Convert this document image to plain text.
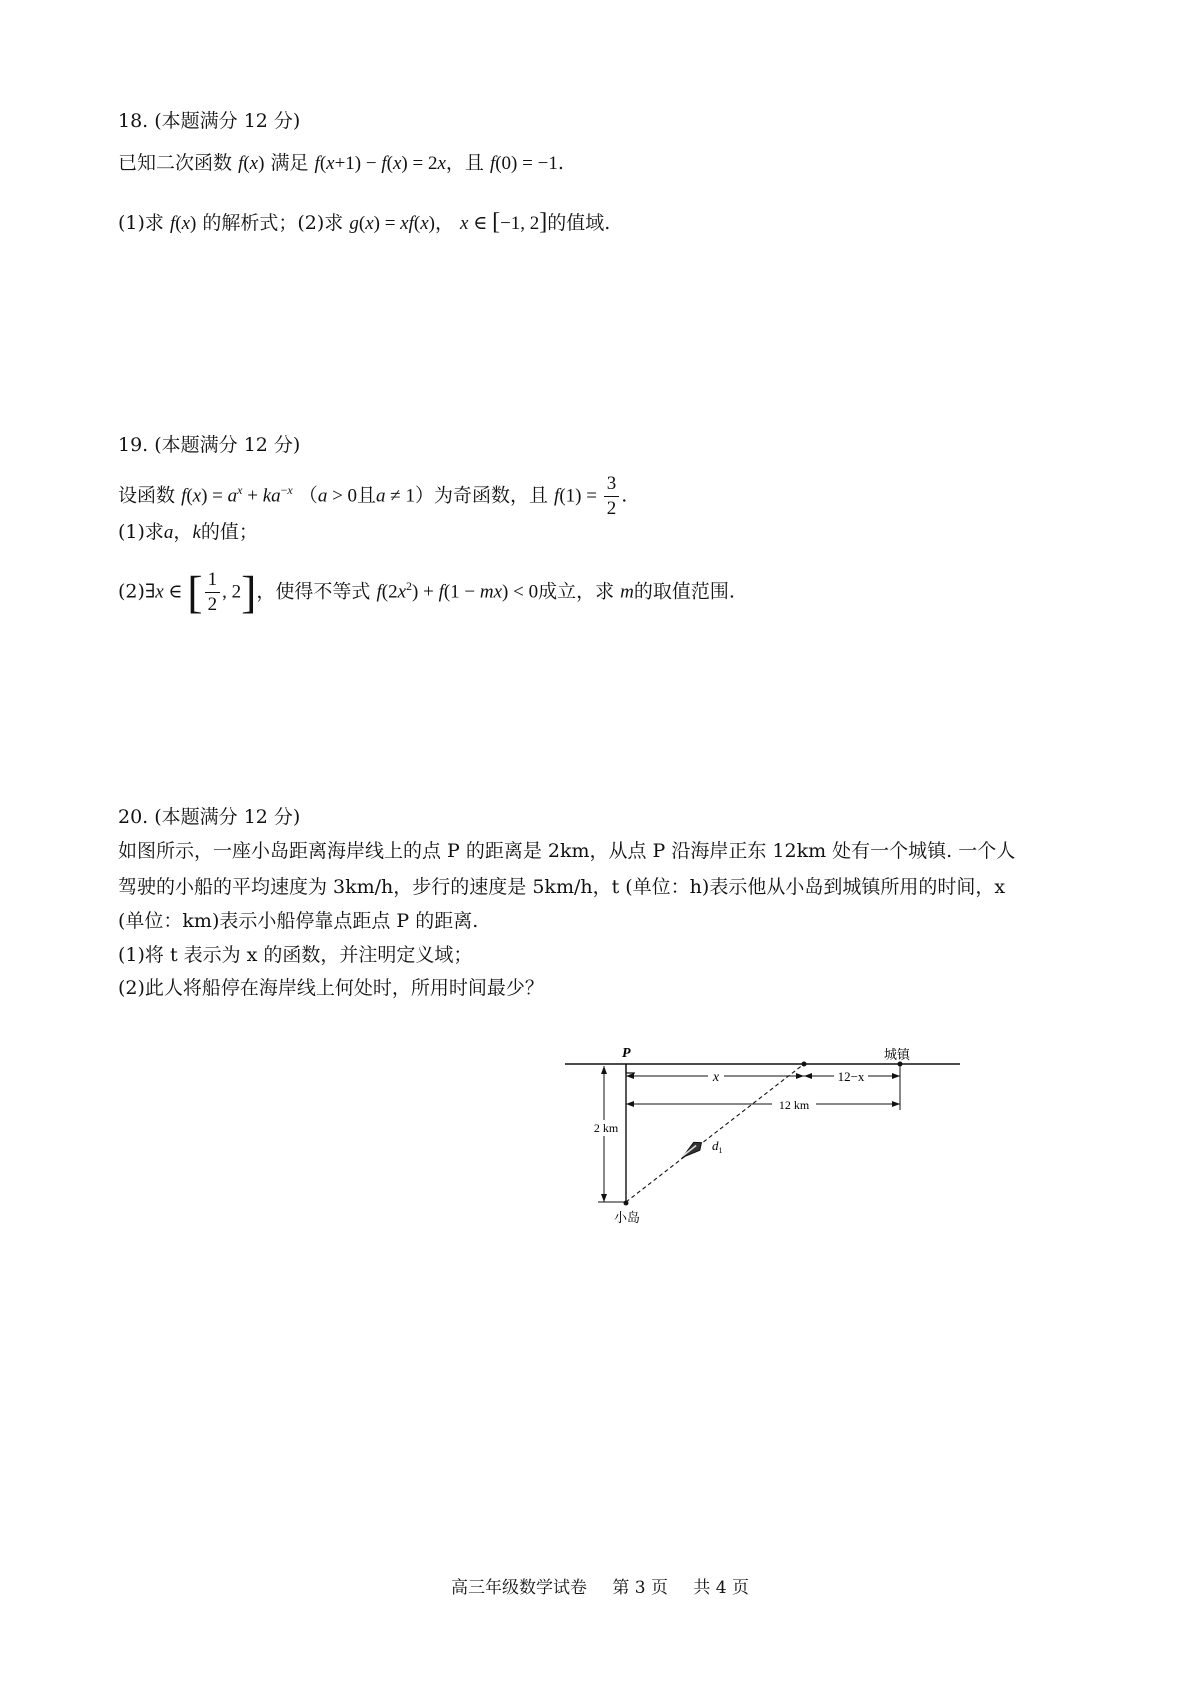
18. (本题满分 12 分)
已知二次函数 f(x) 满足 f(x+1) − f(x) = 2x，且 f(0) = −1.
(1)求 f(x) 的解析式；(2)求 g(x) = xf(x)， x ∈ [−1, 2]的值域.
19. (本题满分 12 分)
设函数 $f(x) = a^x + ka^{-x}$ （a > 0且a ≠ 1）为奇函数，且 $f(1) = \frac{3}{2}$ .
(1)求a，k的值；
(2)∃x ∈ [ $\frac{1}{2}$ , 2]，使得不等式 $f(2x^2) + f(1 - mx) < 0$成立，求 m的取值范围.
20. (本题满分 12 分)
如图所示，一座小岛距离海岸线上的点 P 的距离是 2km，从点 P 沿海岸正东 12km 处有一个城镇. 一个人
驾驶的小船的平均速度为 3km/h，步行的速度是 5km/h，t (单位：h)表示他从小岛到城镇所用的时间，x
(单位：km)表示小船停靠点距点 P 的距离.
(1)将 t 表示为 x 的函数，并注明定义域；
(2)此人将船停在海岸线上何处时，所用时间最少？
x	12−x
12 km
2 km
P	城镇
小岛
$d_1$
高三年级数学试卷 第 3 页 共 4 页
